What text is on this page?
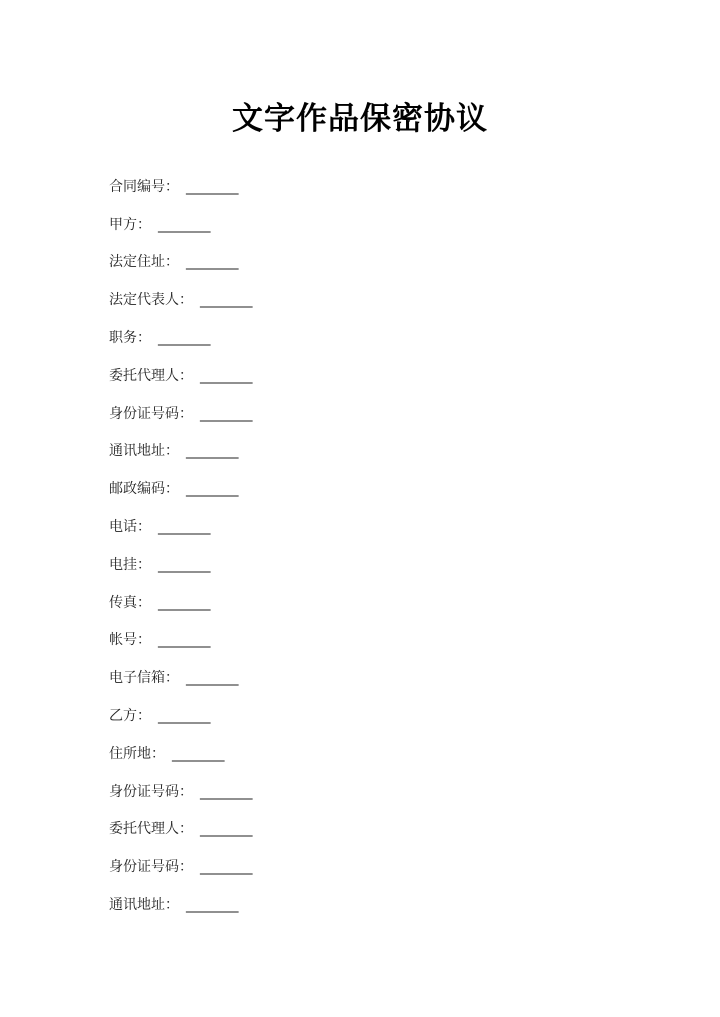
文字作品保密协议
合同编号 ： ________
甲方 ： ________
法定住址 ： ________
法定代表人 ： ________
职务 ： ________
委托代理人 ： ________
身份证号码 ： ________
通讯地址 ： ________
邮政编码 ： ________
电话 ： ________
电挂 ： ________
传真 ： ________
帐号 ： ________
电子信箱 ： ________
乙方 ： ________
住所地 ： ________
身份证号码 ： ________
委托代理人 ： ________
身份证号码 ： ________
通讯地址 ： ________
